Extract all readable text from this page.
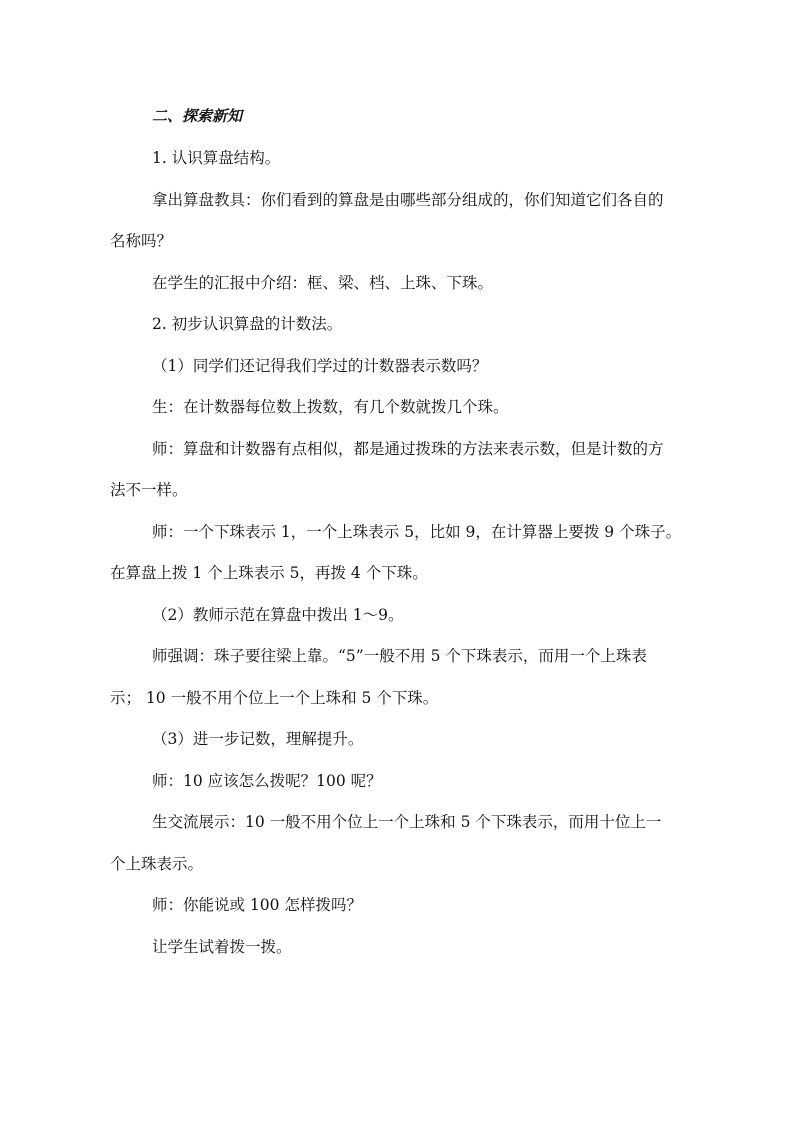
二、探索新知
1. 认识算盘结构。
拿出算盘教具：你们看到的算盘是由哪些部分组成的，你们知道它们各自的
名称吗？
在学生的汇报中介绍：框、梁、档、上珠、下珠。
2. 初步认识算盘的计数法。
（1）同学们还记得我们学过的计数器表示数吗？
生：在计数器每位数上拨数，有几个数就拨几个珠。
师：算盘和计数器有点相似，都是通过拨珠的方法来表示数，但是计数的方
法不一样。
师：一个下珠表示 1，一个上珠表示 5，比如 9，在计算器上要拨 9 个珠子。
在算盘上拨 1 个上珠表示 5，再拨 4 个下珠。
（2）教师示范在算盘中拨出 1～9。
师强调：珠子要往梁上靠。“5”一般不用 5 个下珠表示，而用一个上珠表
示； 10 一般不用个位上一个上珠和 5 个下珠。
（3）进一步记数，理解提升。
师：10 应该怎么拨呢？100 呢？
生交流展示：10 一般不用个位上一个上珠和 5 个下珠表示，而用十位上一
个上珠表示。
师：你能说或 100 怎样拨吗？
让学生试着拨一拨。
